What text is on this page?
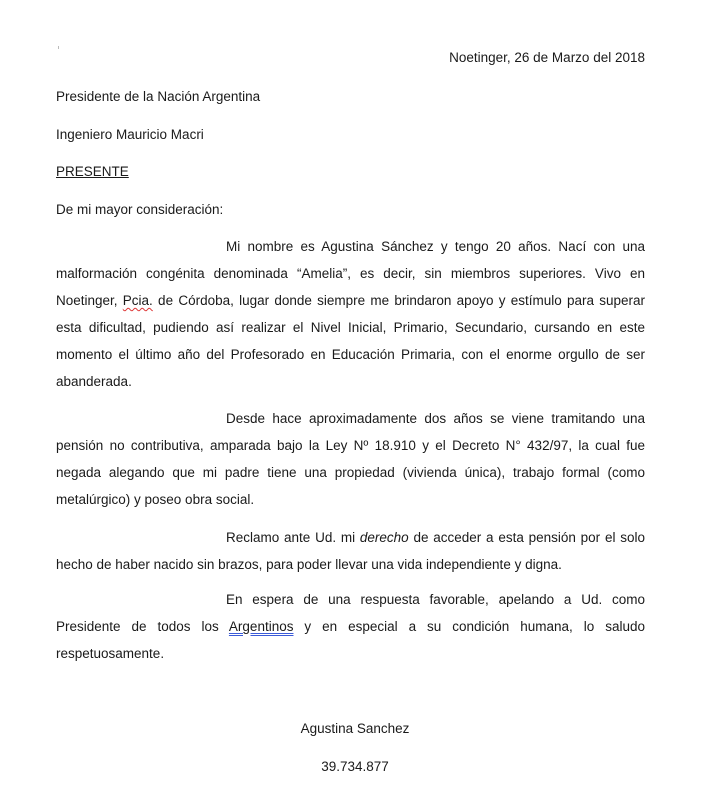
Noetinger, 26 de Marzo del 2018
Presidente de la Nación Argentina
Ingeniero Mauricio Macri
PRESENTE
De mi mayor consideración:
Mi nombre es Agustina Sánchez y tengo 20 años. Nací con una
malformación congénita denominada “Amelia”, es decir, sin miembros superiores. Vivo en
Noetinger, Pcia. de Córdoba, lugar donde siempre me brindaron apoyo y estímulo para superar
esta dificultad, pudiendo así realizar el Nivel Inicial, Primario, Secundario, cursando en este
momento el último año del Profesorado en Educación Primaria, con el enorme orgullo de ser
abanderada.
Desde hace aproximadamente dos años se viene tramitando una
pensión no contributiva, amparada bajo la Ley Nº 18.910 y el Decreto N° 432/97, la cual fue
negada alegando que mi padre tiene una propiedad (vivienda única), trabajo formal (como
metalúrgico) y poseo obra social.
Reclamo ante Ud. mi derecho de acceder a esta pensión por el solo
hecho de haber nacido sin brazos, para poder llevar una vida independiente y digna.
En espera de una respuesta favorable, apelando a Ud. como
Presidente de todos los Argentinos y en especial a su condición humana, lo saludo
respetuosamente.
Agustina Sanchez
39.734.877
